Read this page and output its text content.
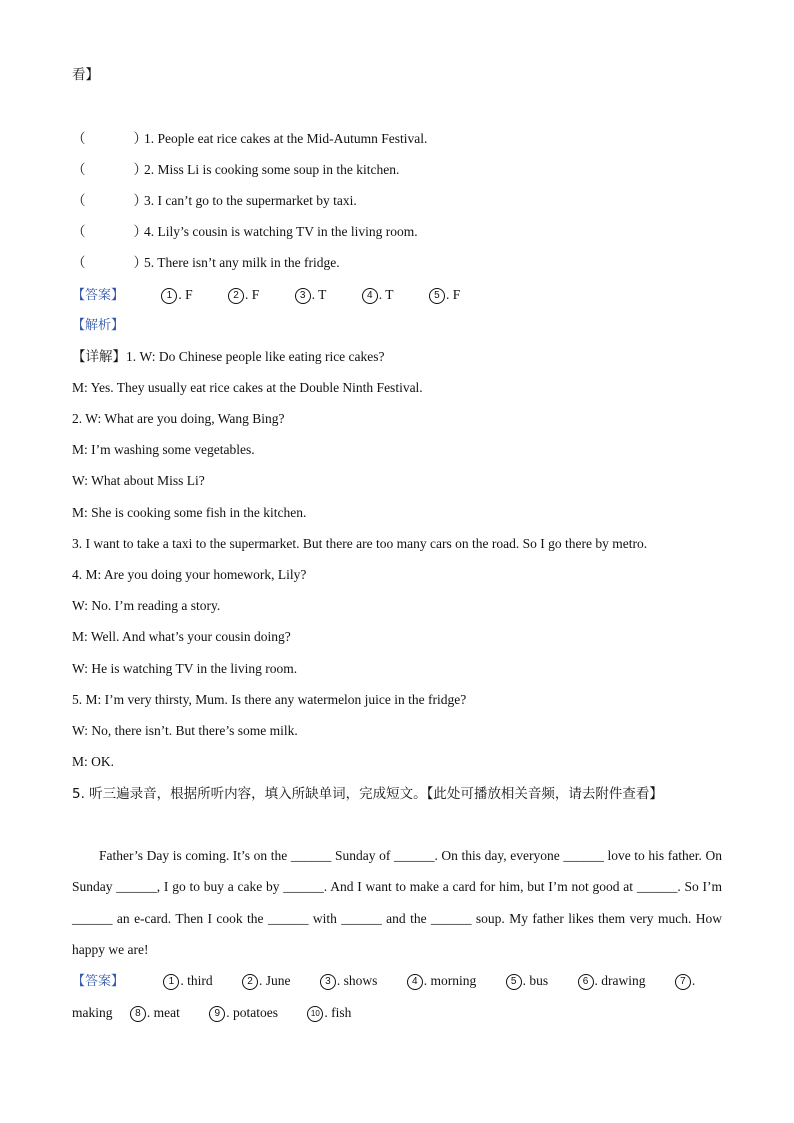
看】
（	）1. People eat rice cakes at the Mid-Autumn Festival.
（	）2. Miss Li is cooking some soup in the kitchen.
（	）3. I can’t go to the supermarket by taxi.
（	）4. Lily’s cousin is watching TV in the living room.
（	）5. There isn’t any milk in the fridge.
【答案】	1 . F	2 . F	3 . T	4 . T	5 . F
【解析】
【详解】1. W: Do Chinese people like eating rice cakes?
M: Yes. They usually eat rice cakes at the Double Ninth Festival.
2. W: What are you doing, Wang Bing?
M: I’m washing some vegetables.
W: What about Miss Li?
M: She is cooking some fish in the kitchen.
3. I want to take a taxi to the supermarket. But there are too many cars on the road. So I go there by metro.
4. M: Are you doing your homework, Lily?
W: No. I’m reading a story.
M: Well. And what’s your cousin doing?
W: He is watching TV in the living room.
5. M: I’m very thirsty, Mum. Is there any watermelon juice in the fridge?
W: No, there isn’t. But there’s some milk.
M: OK.
5. 听三遍录音，根据所听内容，填入所缺单词，完成短文。【此处可播放相关音频，请去附件查看】
Father’s Day is coming. It’s on the ______ Sunday of ______. On this day, everyone ______ love to his father. On Sunday ______, I go to buy a cake by ______. And I want to make a card for him, but I’m not good at ______. So I’m ______ an e-card. Then I cook the ______ with ______ and the ______ soup. My father likes them very much. How happy we are!
【答案】	1 . third	2 . June	3 . shows	4 . morning	5 . bus	6 . drawing	7 .
making 8 . meat	9 . potatoes	10 . fish
